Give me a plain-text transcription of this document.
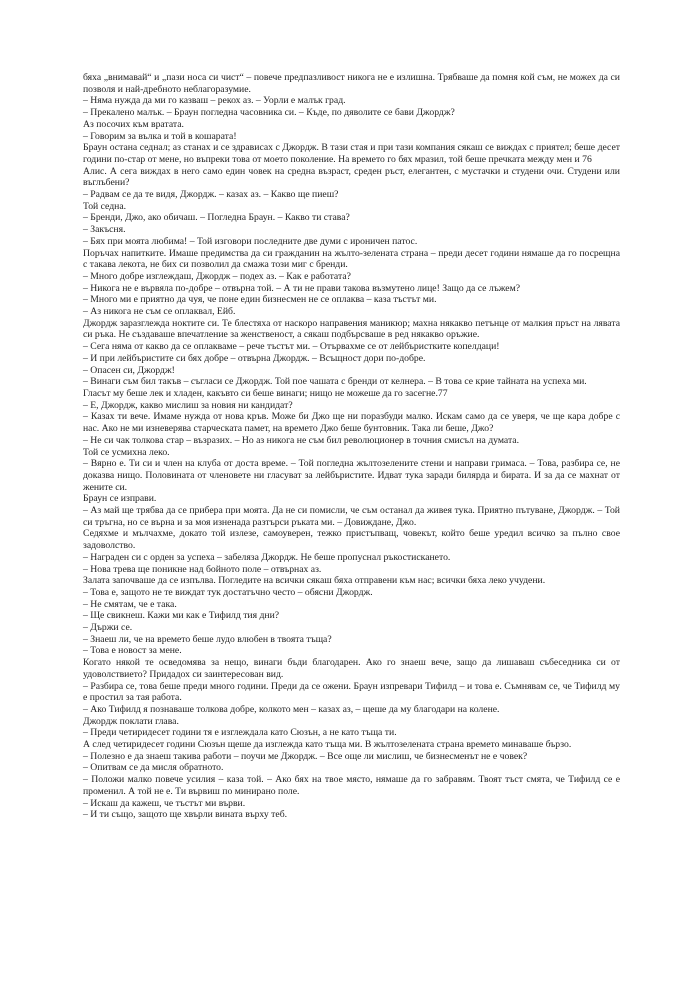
бяха „внимавай“ и „пази носа си чист“ – повече предпазливост никога не е излишна. Трябваше да помня кой съм, не можех да си позволя и най-дребното неблагоразумие.

– Няма нужда да ми го казваш – рекох аз. – Уорли е малък град.

– Прекалено малък. – Браун погледна часовника си. – Къде, по дяволите се бави Джордж?

Аз посочих към вратата.

– Говорим за вълка и той в кошарата!

Браун остана седнал; аз станах и се здрависах с Джордж. В тази стая и при тази компания сякаш се виждах с приятел; беше десет години по-стар от мене, но въпреки това от моето поколение. На времето го бях мразил, той беше пречката между мен и 76

Алис. А сега виждах в него само един човек на средна възраст, среден ръст, елегантен, с мустачки и студени очи. Студени или въглъбени?

– Радвам се да те видя, Джордж. – казах аз. – Какво ще пиеш?

Той седна.

– Бренди, Джо, ако обичаш. – Погледна Браун. – Какво ти става?

– Закъсня.

– Бях при моята любима! – Той изговори последните две думи с ироничен патос.

Поръчах напитките. Имаше предимства да си гражданин на жълто-зелената страна – преди десет години нямаше да го посрещна с такава лекота, не бих си позволил да смажа този миг с бренди.

– Много добре изглеждаш, Джордж – подех аз. – Как е работата?

– Никога не е вървяла по-добре – отвърна той. – А ти не прави такова възмутено лице! Защо да се лъжем?

– Много ми е приятно да чуя, че поне един бизнесмен не се оплаква – каза тъстът ми.

– Аз никога не съм се оплаквал, Ейб.

Джордж заразглежда ноктите си. Те блестяха от наскоро направения маникюр; махна някакво петънце от малкия пръст на лявата си ръка. Не създаваше впечатление за женственост, а сякаш подбърсваше в ред някакво оръжие.

– Сега няма от какво да се оплакваме – рече тъстът ми. – Отървахме се от лейбъристките копелдаци!

– И при лейбъристите си бях добре – отвърна Джордж. – Всъщност дори по-добре.

– Опасен си, Джордж!

– Винаги съм бил такъв – съгласи се Джордж. Той пое чашата с бренди от келнера. – В това се крие тайната на успеха ми.

Гласът му беше лек и хладен, какъвто си беше винаги; нищо не можеше да го засегне.77

– Е, Джордж, какво мислиш за новия ни кандидат?

– Казах ти вече. Имаме нужда от нова кръв. Може би Джо ще ни поразбуди малко. Искам само да се уверя, че ще кара добре с нас. Ако не ми изневерява старческата памет, на времето Джо беше бунтовник. Така ли беше, Джо?

– Не си чак толкова стар – възразих. – Но аз никога не съм бил революционер в точния смисъл на думата.

Той се усмихна леко.

– Вярно е. Ти си и член на клуба от доста време. – Той погледна жълтозелените стени и направи гримаса. – Това, разбира се, не доказва нищо. Половината от членовете ни гласуват за лейбъристите. Идват тука заради билярда и бирата. И за да се махнат от жените си.

Браун се изправи.

– Аз май ще трябва да се прибера при моята. Да не си помисли, че съм останал да живея тука. Приятно пътуване, Джордж. – Той си тръгна, но се върна и за моя изненада разтърси ръката ми. – Довиждане, Джо.

Седяхме и мълчахме, докато той излезе, самоуверен, тежко пристъпващ, човекът, който беше уредил всичко за пълно свое задоволство.

– Награден си с орден за успеха – забеляза Джордж. Не беше пропуснал ръкостискането.

– Нова трева ще поникне над бойното поле – отвърнах аз.

Залата започваше да се изпълва. Погледите на всички сякаш бяха отправени към нас; всички бяха леко учудени.

– Това е, защото не те виждат тук достатъчно често – обясни Джордж.

– Не смятам, че е така.

– Ще свикнеш. Кажи ми как е Тифилд тия дни?

– Държи се.

– Знаеш ли, че на времето беше лудо влюбен в твоята тъща?

– Това е новост за мене.

Когато някой те осведомява за нещо, винаги бъди благодарен. Ако го знаеш вече, защо да лишаваш събеседника си от удоволствието? Придадох си заинтересован вид.

– Разбира се, това беше преди много години. Преди да се ожени. Браун изпревари Тифилд – и това е. Съмнявам се, че Тифилд му е простил за тая работа.

– Ако Тифилд я познаваше толкова добре, колкото мен – казах аз, – щеше да му благодари на колене.

Джордж поклати глава.

– Преди четиридесет години тя е изглеждала като Сюзън, а не като тъща ти.

А след четиридесет години Сюзън щеше да изглежда като тъща ми. В жълтозелената страна времето минаваше бързо.

– Полезно е да знаеш такива работи – поучи ме Джордж. – Все още ли мислиш, че бизнесменът не е човек?

– Опитвам се да мисля обратното.

– Положи малко повече усилия – каза той. – Ако бях на твое място, нямаше да го забравям. Твоят тъст смята, че Тифилд се е променил. А той не е. Ти вървиш по минирано поле.

– Искаш да кажеш, че тъстът ми върви.

– И ти също, защото ще хвърли вината върху теб.
